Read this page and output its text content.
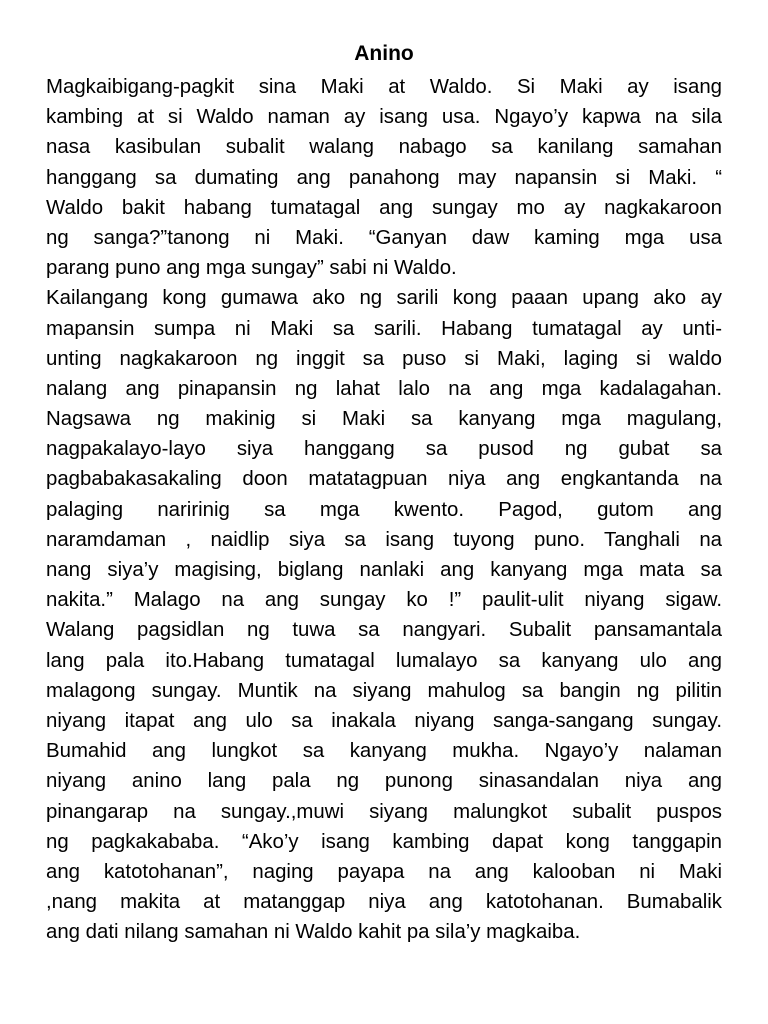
Anino

Magkaibigang-pagkit sina Maki at Waldo. Si Maki ay isang
kambing at si Waldo naman ay isang usa. Ngayo’y kapwa na sila
nasa kasibulan subalit walang nabago sa kanilang samahan
hanggang sa dumating ang panahong may napansin si Maki. “
Waldo bakit habang tumatagal ang sungay mo ay nagkakaroon
ng sanga?”tanong ni Maki. “Ganyan daw kaming mga usa
parang puno ang mga sungay” sabi ni Waldo.

Kailangang kong gumawa ako ng sarili kong paaan upang ako ay
mapansin sumpa ni Maki sa sarili. Habang tumatagal ay unti-
unting nagkakaroon ng inggit sa puso si Maki, laging si waldo
nalang ang pinapansin ng lahat lalo na ang mga kadalagahan.
Nagsawa ng makinig si Maki sa kanyang mga magulang,
nagpakalayo-layo siya hanggang sa pusod ng gubat sa
pagbabakasakaling doon matatagpuan niya ang engkantanda na
palaging naririnig sa mga kwento. Pagod, gutom ang
naramdaman , naidlip siya sa isang tuyong puno. Tanghali na
nang siya’y magising, biglang nanlaki ang kanyang mga mata sa
nakita.” Malago na ang sungay ko !” paulit-ulit niyang sigaw.
Walang pagsidlan ng tuwa sa nangyari. Subalit pansamantala
lang pala ito.Habang tumatagal lumalayo sa kanyang ulo ang
malagong sungay. Muntik na siyang mahulog sa bangin ng pilitin
niyang itapat ang ulo sa inakala niyang sanga-sangang sungay.
Bumahid ang lungkot sa kanyang mukha. Ngayo’y nalaman
niyang anino lang pala ng punong sinasandalan niya ang
pinangarap na sungay.,muwi siyang malungkot subalit puspos
ng pagkakababa. “Ako’y isang kambing dapat kong tanggapin
ang katotohanan”, naging payapa na ang kalooban ni Maki
,nang makita at matanggap niya ang katotohanan. Bumabalik
ang dati nilang samahan ni Waldo kahit pa sila’y magkaiba.
